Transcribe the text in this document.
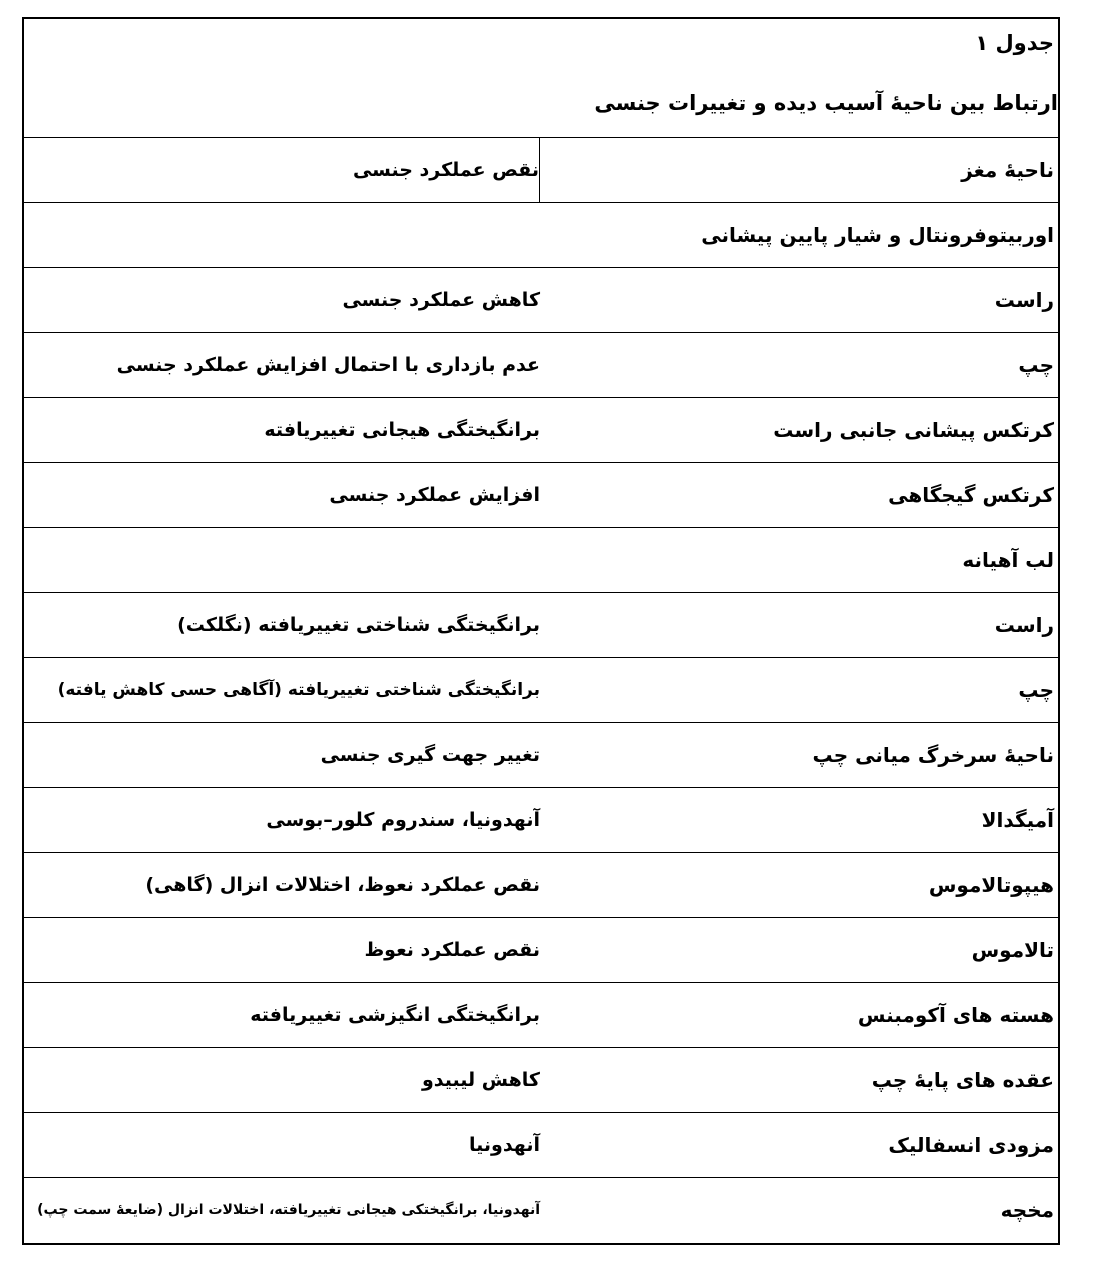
جدول ۱
ارتباط بین ناحیهٔ آسیب دیده و تغییرات جنسی
ناحیهٔ مغز
نقص عملکرد جنسی
اوربیتوفرونتال و شیار پایین پیشانی
راست
کاهش عملکرد جنسی
چپ
عدم بازداری با احتمال افزایش عملکرد جنسی
کرتکس پیشانی جانبی راست
برانگیختگی هیجانی تغییریافته
کرتکس گیجگاهی
افزایش عملکرد جنسی
لب آهیانه
راست
برانگیختگی شناختی تغییریافته (نگلکت)
چپ
برانگیختگی شناختی تغییریافته (آگاهی حسی کاهش یافته)
ناحیهٔ سرخرگ میانی چپ
تغییر جهت گیری جنسی
آمیگدالا
آنهدونیا، سندروم کلور–بوسی
هیپوتالاموس
نقص عملکرد نعوظ، اختلالات انزال (گاهی)
تالاموس
نقص عملکرد نعوظ
هسته های آکومبنس
برانگیختگی انگیزشی تغییریافته
عقده های پایهٔ چپ
کاهش لیبیدو
مزودی انسفالیک
آنهدونیا
مخچه
آنهدونیا، برانگیختکی هیجانی تغییریافته، اختلالات انزال (ضایعهٔ سمت چپ)
